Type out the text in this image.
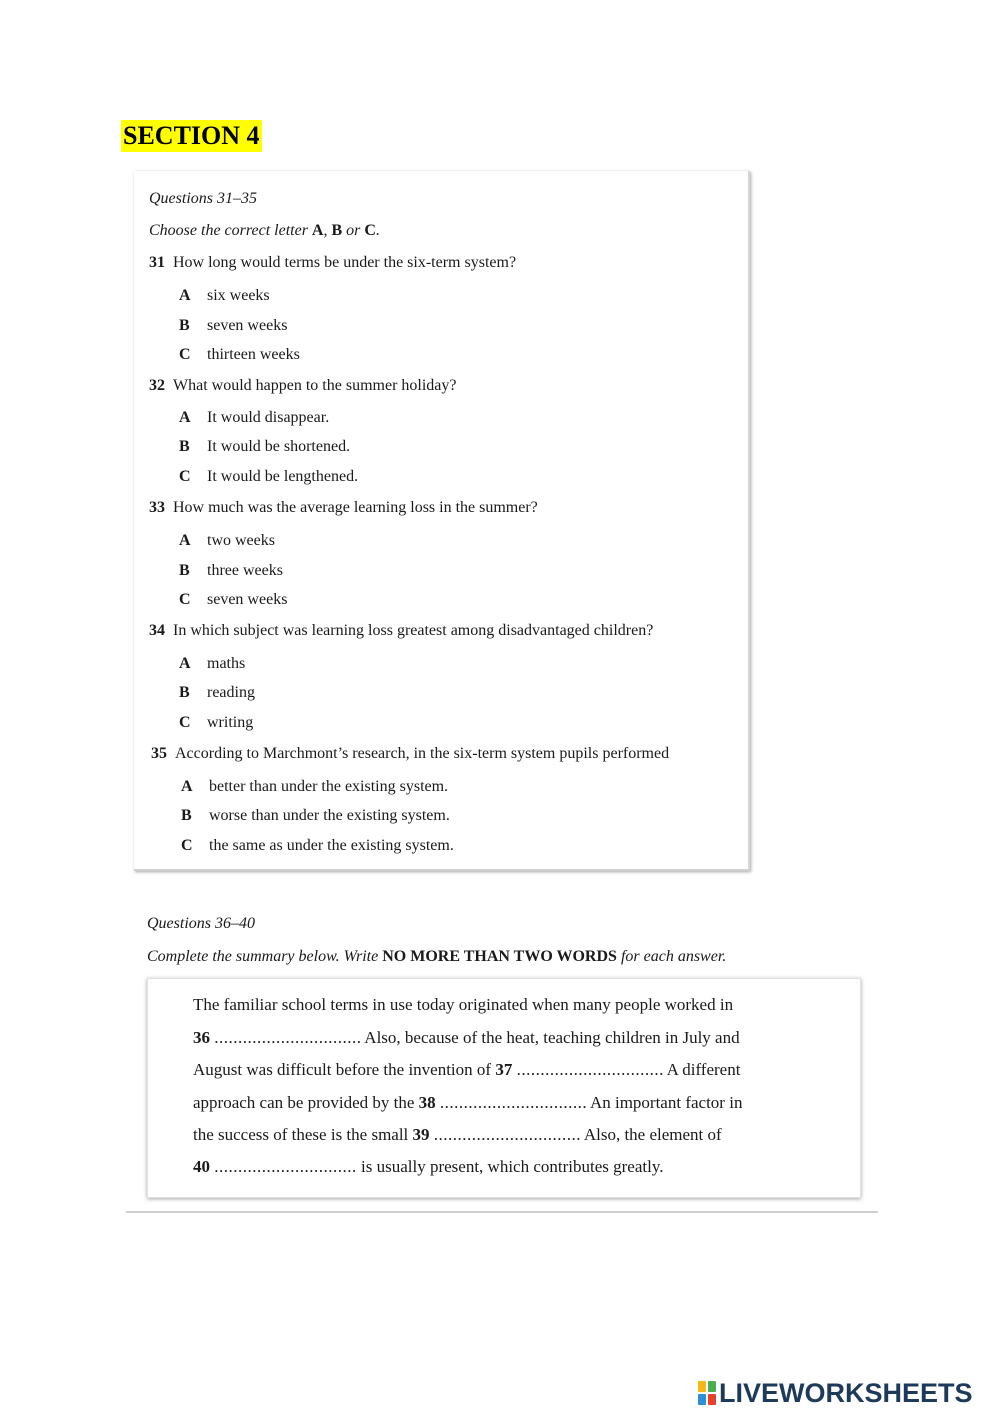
SECTION 4
Questions 31–35
Choose the correct letter A, B or C.
31 How long would terms be under the six-term system?
A six weeks
B seven weeks
C thirteen weeks
32 What would happen to the summer holiday?
A It would disappear.
B It would be shortened.
C It would be lengthened.
33 How much was the average learning loss in the summer?
A two weeks
B three weeks
C seven weeks
34 In which subject was learning loss greatest among disadvantaged children?
A maths
B reading
C writing
35 According to Marchmont’s research, in the six-term system pupils performed
A better than under the existing system.
B worse than under the existing system.
C the same as under the existing system.
Questions 36–40
Complete the summary below. Write NO MORE THAN TWO WORDS for each answer.
The familiar school terms in use today originated when many people worked in
36 ............................... Also, because of the heat, teaching children in July and
August was difficult before the invention of 37 ............................... A different
approach can be provided by the 38 ............................... An important factor in
the success of these is the small 39 ............................... Also, the element of
40 .............................. is usually present, which contributes greatly.
LIVEWORKSHEETS
